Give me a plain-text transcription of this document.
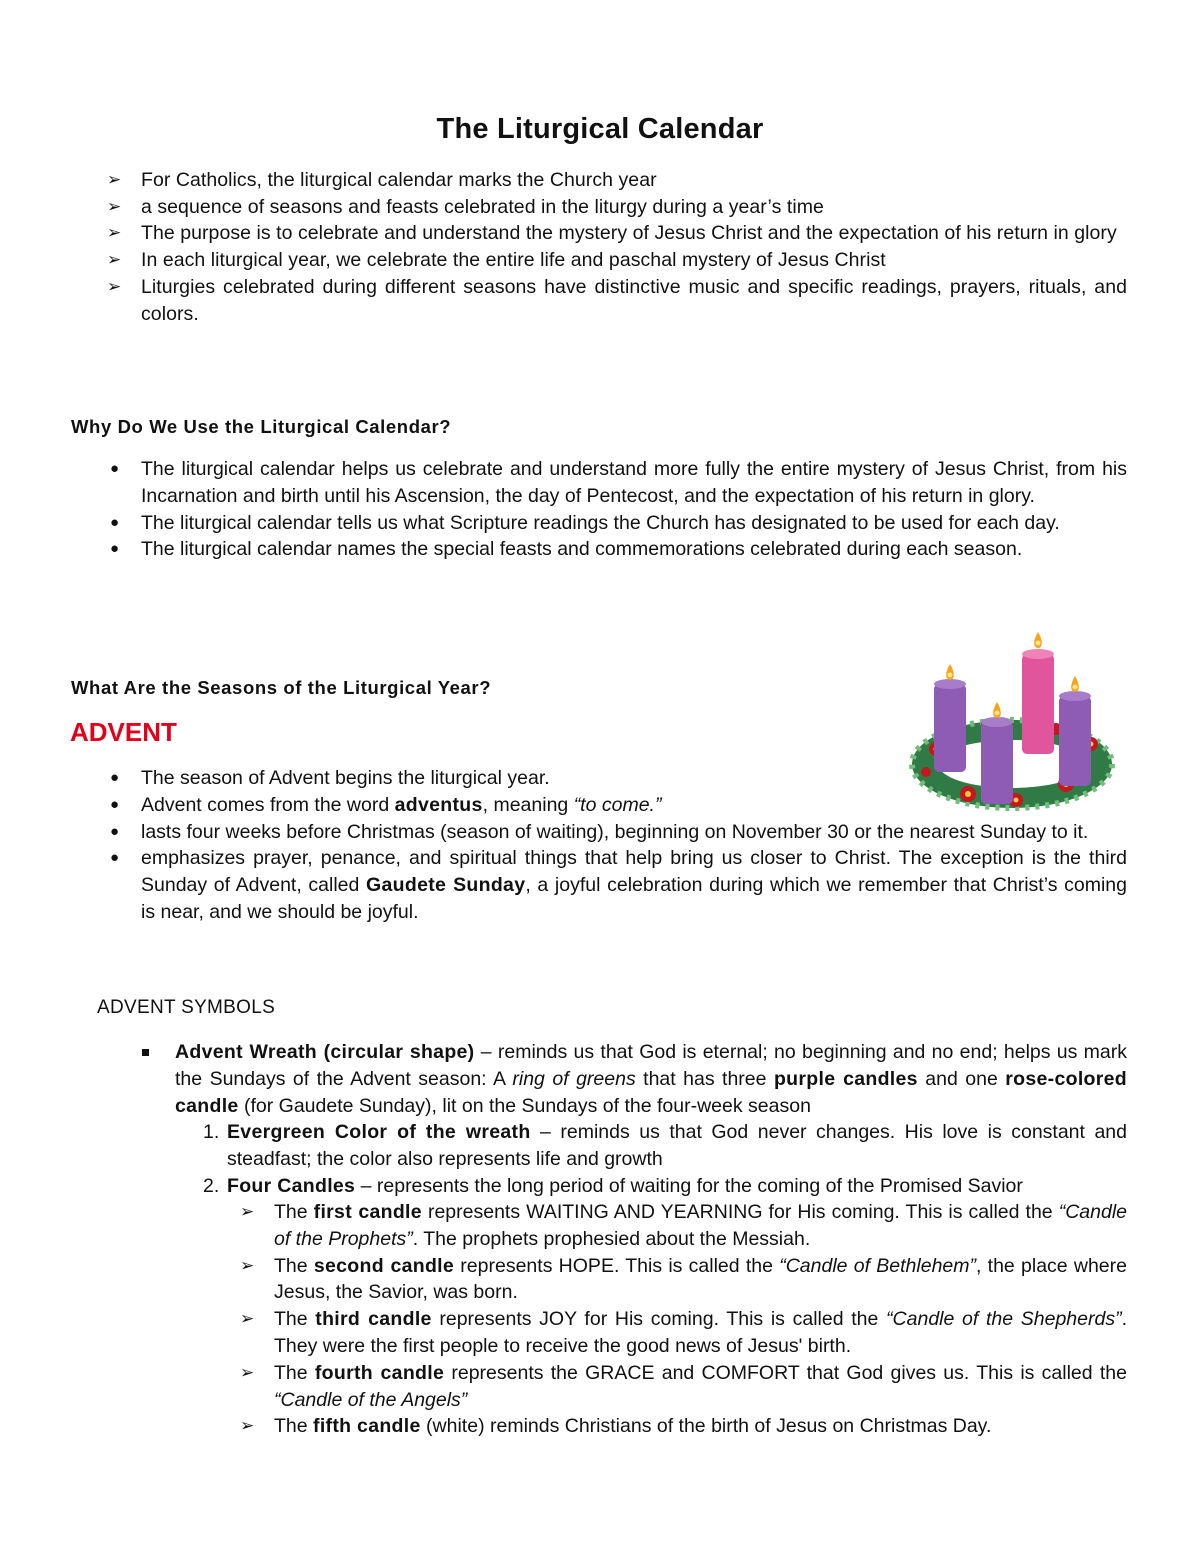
The Liturgical Calendar
➢ For Catholics, the liturgical calendar marks the Church year
➢ a sequence of seasons and feasts celebrated in the liturgy during a year’s time
➢ The purpose is to celebrate and understand the mystery of Jesus Christ and the expectation of his return in glory
➢ In each liturgical year, we celebrate the entire life and paschal mystery of Jesus Christ
➢ Liturgies celebrated during different seasons have distinctive music and specific readings, prayers, rituals, and colors.
Why Do We Use the Liturgical Calendar?
● The liturgical calendar helps us celebrate and understand more fully the entire mystery of Jesus Christ, from his Incarnation and birth until his Ascension, the day of Pentecost, and the expectation of his return in glory.
● The liturgical calendar tells us what Scripture readings the Church has designated to be used for each day.
● The liturgical calendar names the special feasts and commemorations celebrated during each season.
What Are the Seasons of the Liturgical Year?
ADVENT
● The season of Advent begins the liturgical year.
● Advent comes from the word adventus, meaning “to come.”
● lasts four weeks before Christmas (season of waiting), beginning on November 30 or the nearest Sunday to it.
● emphasizes prayer, penance, and spiritual things that help bring us closer to Christ. The exception is the third Sunday of Advent, called Gaudete Sunday, a joyful celebration during which we remember that Christ’s coming is near, and we should be joyful.
ADVENT SYMBOLS
Advent Wreath (circular shape) – reminds us that God is eternal; no beginning and no end; helps us mark the Sundays of the Advent season: A ring of greens that has three purple candles and one rose-colored candle (for Gaudete Sunday), lit on the Sundays of the four-week season
1. Evergreen Color of the wreath – reminds us that God never changes. His love is constant and steadfast; the color also represents life and growth
2. Four Candles – represents the long period of waiting for the coming of the Promised Savior
➢ The first candle represents WAITING AND YEARNING for His coming. This is called the “Candle of the Prophets”. The prophets prophesied about the Messiah.
➢ The second candle represents HOPE. This is called the “Candle of Bethlehem”, the place where Jesus, the Savior, was born.
➢ The third candle represents JOY for His coming. This is called the “Candle of the Shepherds”. They were the first people to receive the good news of Jesus' birth.
➢ The fourth candle represents the GRACE and COMFORT that God gives us. This is called the “Candle of the Angels”
➢ The fifth candle (white) reminds Christians of the birth of Jesus on Christmas Day.
